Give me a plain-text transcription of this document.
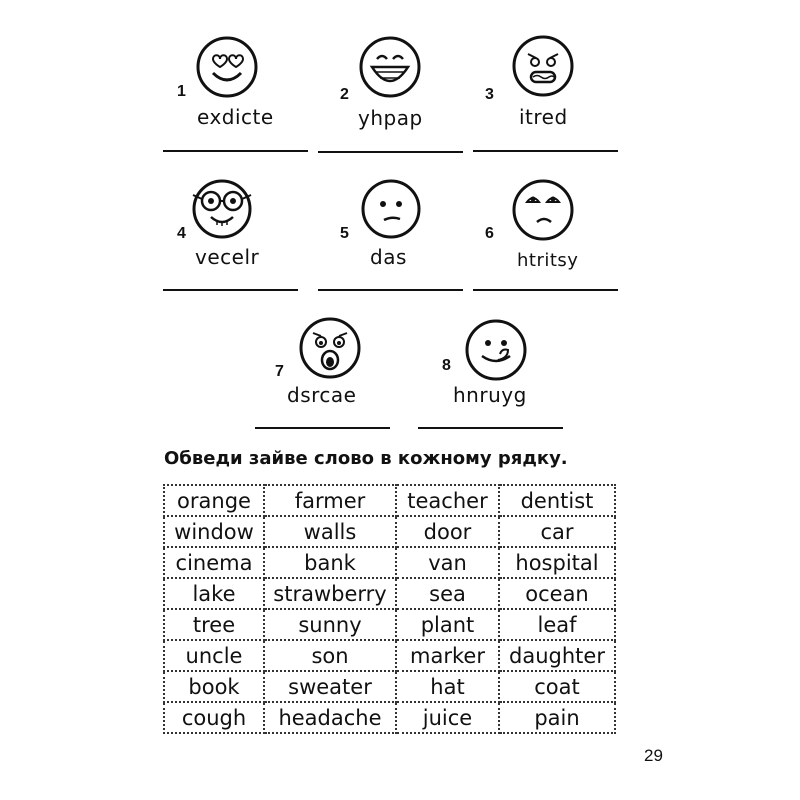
1
exdicte
2
yhpap
3
itred
4
vecelr
5
das
6
htritsy
7
dsrcae
8
hnruyg
Обведи зайве слово в кожному рядку.
orange	farmer	teacher	dentist
window	walls	door	car
cinema	bank	van	hospital
lake	strawberry	sea	ocean
tree	sunny	plant	leaf
uncle	son	marker	daughter
book	sweater	hat	coat
cough	headache	juice	pain
29
